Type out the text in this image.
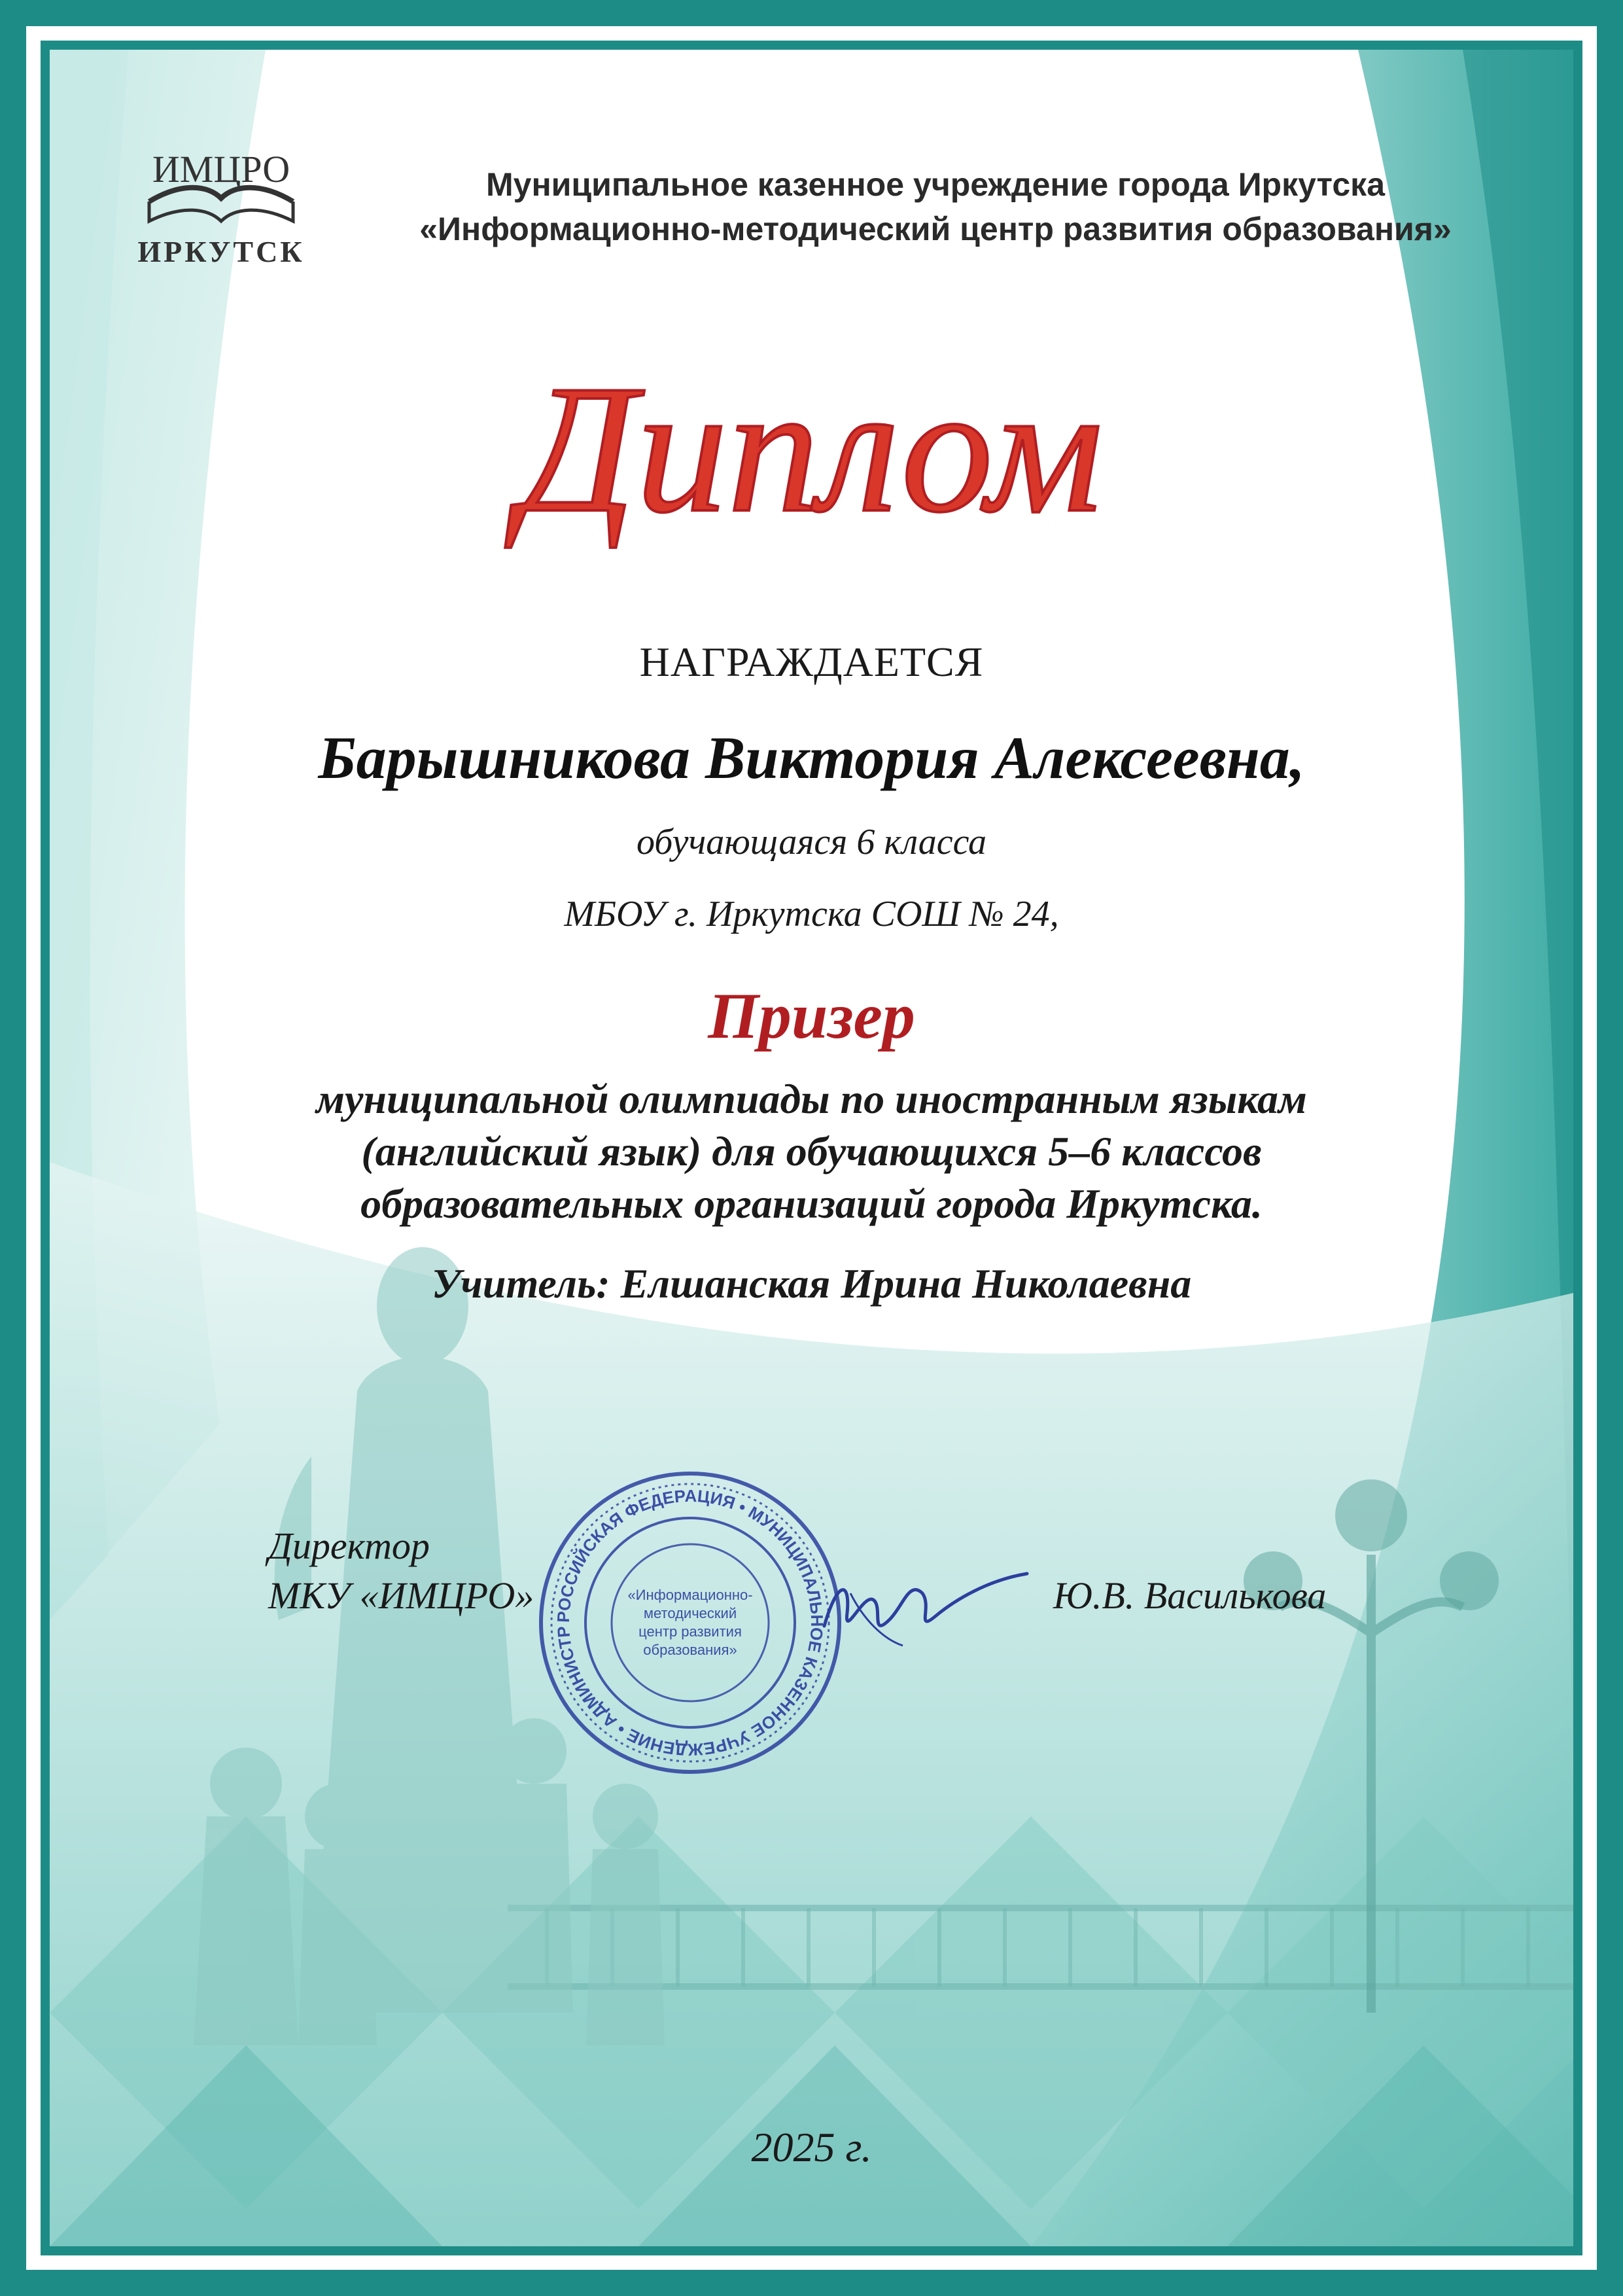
ИМЦРО
ИРКУТСК
Муниципальное казенное учреждение города Иркутска
«Информационно-методический центр развития образования»
Диплом
НАГРАЖДАЕТСЯ
Барышникова Виктория Алексеевна,
обучающаяся 6 класса
МБОУ г. Иркутска СОШ № 24,
Призер
муниципальной олимпиады по иностранным языкам
(английский язык) для обучающихся 5–6 классов
образовательных организаций города Иркутска.
Учитель: Елшанская Ирина Николаевна
Директор
МКУ «ИМЦРО»
РОССИЙСКАЯ ФЕДЕРАЦИЯ • МУНИЦИПАЛЬНОЕ КАЗЕННОЕ УЧРЕЖДЕНИЕ • АДМИНИСТР
«Информационно-
методический
центр развития
образования»
Ю.В. Василькова
2025 г.
